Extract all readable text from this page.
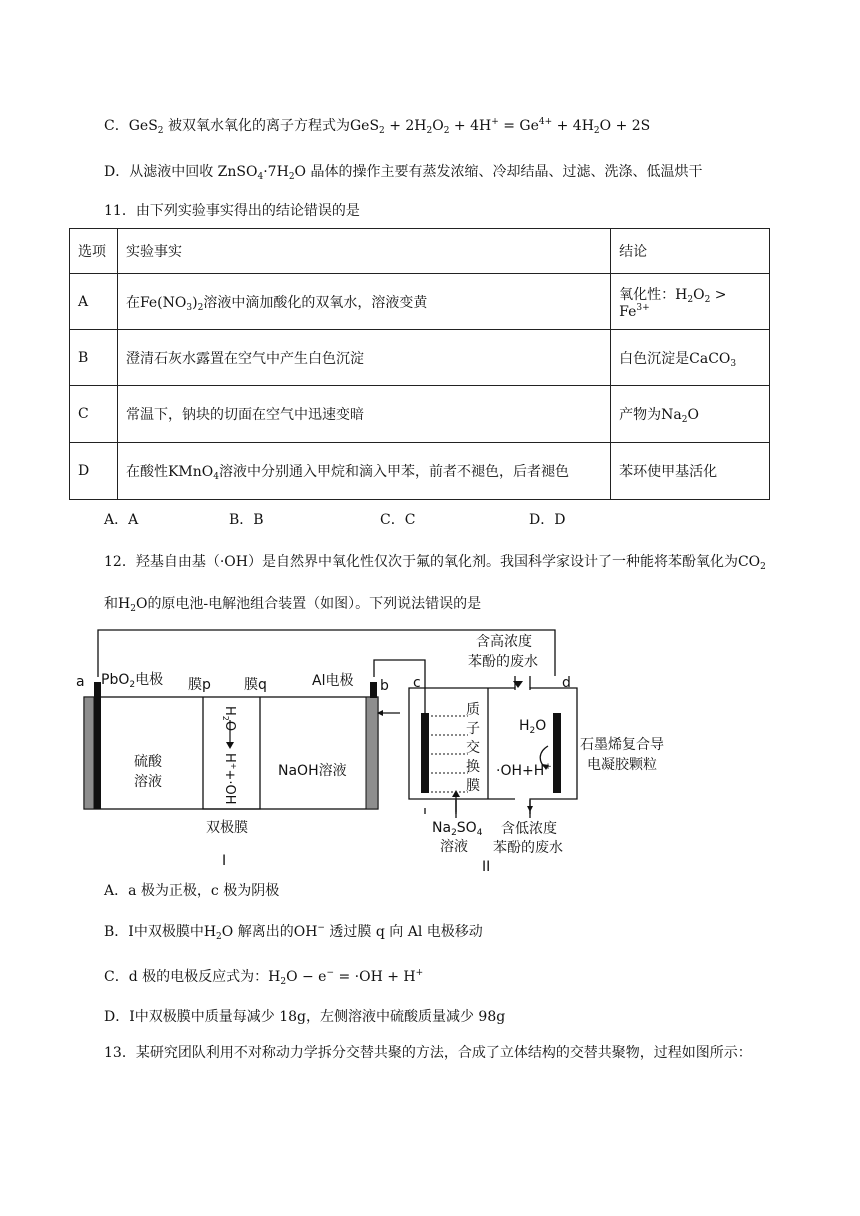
C．GeS$_2$ 被双氧水氧化的离子方程式为$GeS_2 + 2H_2O_2 + 4H^+ = Ge^{4+} + 4H_2O + 2S$
D．从滤液中回收 $ZnSO_4\cdot 7H_2O$ 晶体的操作主要有蒸发浓缩、冷却结晶、过滤、洗涤、低温烘干
11．由下列实验事实得出的结论错误的是
选项	实验事实	结论
A	在$Fe(NO_3)_2$溶液中滴加酸化的双氧水，溶液变黄	氧化性：$H_2O_2 > Fe^{3+}$
B	澄清石灰水露置在空气中产生白色沉淀	白色沉淀是CaCO$_3$
C	常温下，钠块的切面在空气中迅速变暗	产物为$Na_2O$
D	在酸性KMnO$_4$溶液中分别通入甲烷和滴入甲苯，前者不褪色，后者褪色	苯环使甲基活化
A．A	B．B	C．C	D．D
12．羟基自由基（·OH）是自然界中氧化性仅次于氟的氧化剂。我国科学家设计了一种能将苯酚氧化为$CO_2$
和$H_2O$的原电池-电解池组合装置（如图）。下列说法错误的是
a PbO$_2$电极 膜p 膜q	Al电极 b
硫酸
溶液
NaOH溶液
双极膜
I
c
含高浓度
苯酚的废水
d
质
子
交
换
膜
$H_2O$
·OH+H+
石墨烯复合导
电凝胶颗粒
$Na_2SO_4$
溶液
含低浓度
苯酚的废水
II
$H_2O$
H++·OH
A．a 极为正极，c 极为阴极
B．Ⅰ中双极膜中$H_2O$ 解离出的OH− 透过膜 q 向 Al 电极移动
C．d 极的电极反应式为：$H_2O - e^- = \cdot OH + H^+$
D．Ⅰ中双极膜中质量每减少 18g，左侧溶液中硫酸质量减少 98g
13．某研究团队利用不对称动力学拆分交替共聚的方法，合成了立体结构的交替共聚物，过程如图所示：
